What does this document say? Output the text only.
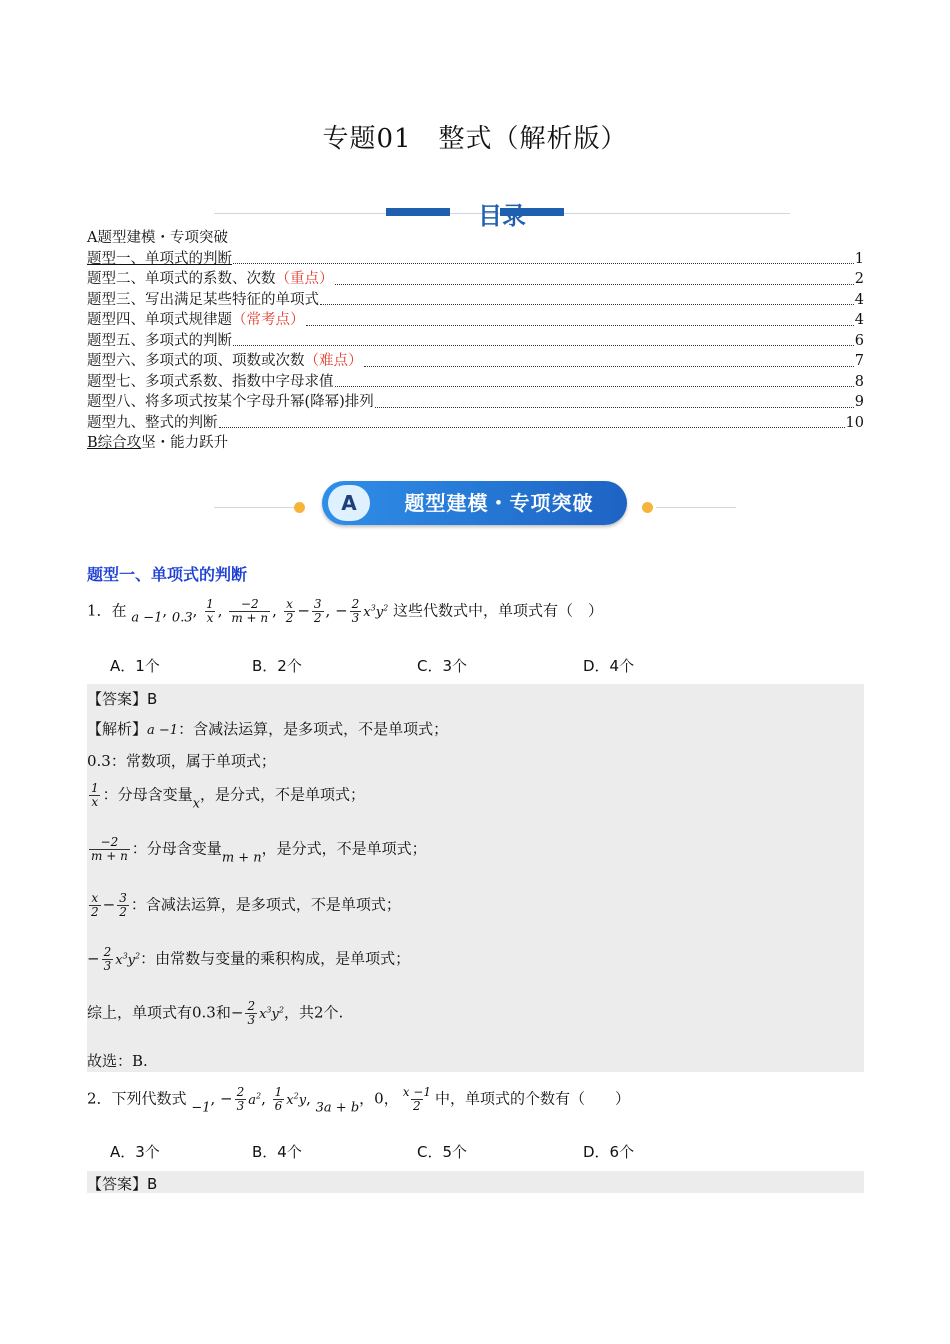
专题01　整式（解析版）
目录
A题型建模・专项突破
题型一、单项式的判断	1
题型二、单项式的系数、次数 （重点）	2
题型三、写出满足某些特征的单项式	4
题型四、单项式规律题 （常考点）	4
题型五、多项式的判断	6
题型六、多项式的项、项数或次数 （难点）	7
题型七、多项式系数、指数中字母求值	8
题型八、将多项式按某个字母升幂(降幂)排列	9
题型九、整式的判断	10
B综合攻坚・能力跃升
A	题型建模・专项突破
题型一、单项式的判断
1．在 a −1, 0.3, $\frac{1}{x}$ , $\frac{-2}{m + n}$ , $\frac{x}{2} - \frac{3}{2}$ , − $\frac{2}{3} x^3y^2$ 这些代数式中，单项式有（　）
A．1个	B．2个	C．3个	D．4个
【答案】B
【解析】a −1：含减法运算，是多项式，不是单项式；
0.3：常数项，属于单项式；
$\frac{1}{x}$ ：分母含变量x，是分式，不是单项式；
$\frac{-2}{m + n}$ ：分母含变量m + n，是分式，不是单项式；
$\frac{x}{2} - \frac{3}{2}$ ：含减法运算，是多项式，不是单项式；
− $\frac{2}{3} x^3y^2$：由常数与变量的乘积构成，是单项式；
综上，单项式有0.3和− $\frac{2}{3} x^3y^2$，共2个.
故选：B.
2．下列代数式 −1, − $\frac{2}{3} a^2$, $\frac{1}{6} x^2y$, 3a + b，0， $\frac{x -1}{2}$ 中，单项式的个数有（　　）
A．3个	B．4个	C．5个	D．6个
【答案】B
